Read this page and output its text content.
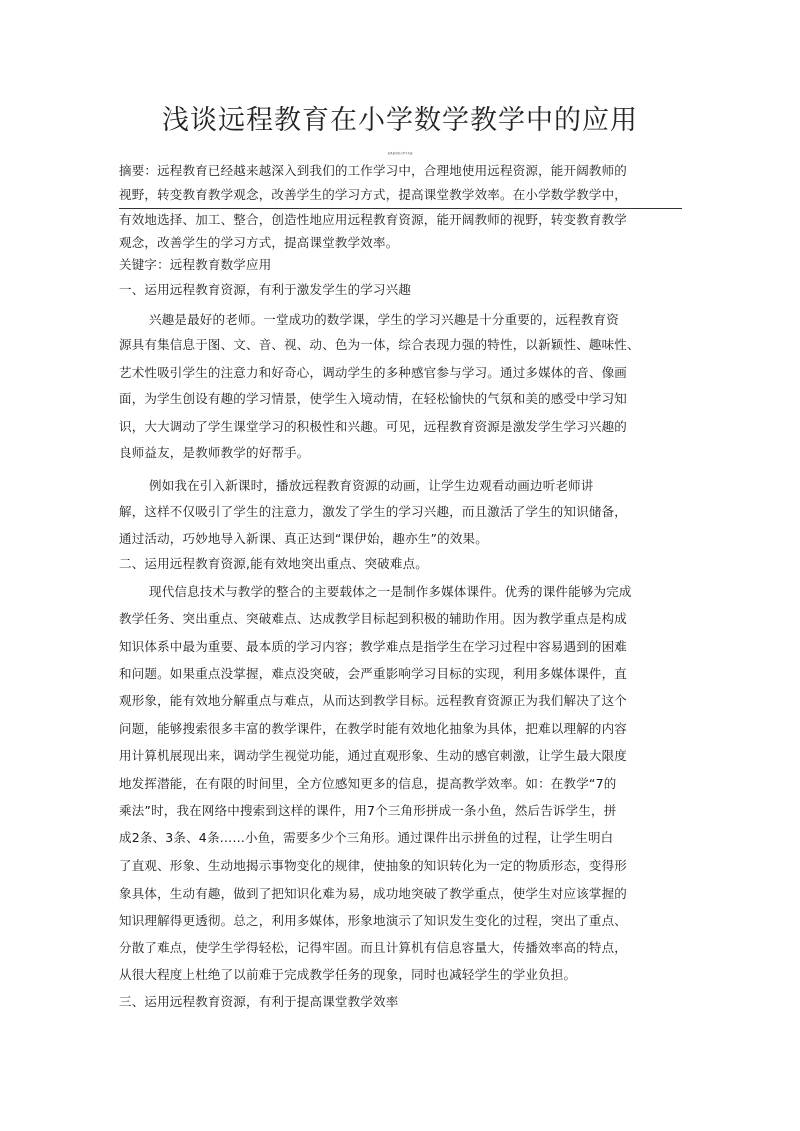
浅谈远程教育在小学数学教学中的应用
来凤县实验小学王兆成
摘要：远程教育已经越来越深入到我们的工作学习中，合理地使用远程资源，能开阔教师的
视野，转变教育教学观念，改善学生的学习方式，提高课堂教学效率。在小学数学教学中，
有效地选择、加工、整合，创造性地应用远程教育资源，能开阔教师的视野，转变教育教学
观念，改善学生的学习方式，提高课堂教学效率。
关键字：远程教育数学应用
一、运用远程教育资源，有利于激发学生的学习兴趣
兴趣是最好的老师。一堂成功的数学课，学生的学习兴趣是十分重要的，远程教育资
源具有集信息于图、文、音、视、动、色为一体，综合表现力强的特性，以新颖性、趣味性、
艺术性吸引学生的注意力和好奇心，调动学生的多种感官参与学习。通过多媒体的音、像画
面，为学生创设有趣的学习情景，使学生入境动情，在轻松愉快的气氛和美的感受中学习知
识，大大调动了学生课堂学习的积极性和兴趣。可见，远程教育资源是激发学生学习兴趣的
良师益友，是教师教学的好帮手。
例如我在引入新课时，播放远程教育资源的动画，让学生边观看动画边听老师讲
解，这样不仅吸引了学生的注意力，激发了学生的学习兴趣，而且激活了学生的知识储备，
通过活动，巧妙地导入新课、真正达到“课伊始，趣亦生”的效果。
二、运用远程教育资源,能有效地突出重点、突破难点。
现代信息技术与教学的整合的主要载体之一是制作多媒体课件。优秀的课件能够为完成
教学任务、突出重点、突破难点、达成教学目标起到积极的辅助作用。因为教学重点是构成
知识体系中最为重要、最本质的学习内容；教学难点是指学生在学习过程中容易遇到的困难
和问题。如果重点没掌握，难点没突破，会严重影响学习目标的实现，利用多媒体课件，直
观形象，能有效地分解重点与难点，从而达到教学目标。远程教育资源正为我们解决了这个
问题，能够搜索很多丰富的教学课件，在教学时能有效地化抽象为具体，把难以理解的内容
用计算机展现出来，调动学生视觉功能，通过直观形象、生动的感官刺激，让学生最大限度
地发挥潜能，在有限的时间里，全方位感知更多的信息，提高教学效率。如：在教学“7的
乘法”时，我在网络中搜索到这样的课件，用7个三角形拼成一条小鱼，然后告诉学生，拼
成2条、3条、4条……小鱼，需要多少个三角形。通过课件出示拼鱼的过程，让学生明白
了直观、形象、生动地揭示事物变化的规律，使抽象的知识转化为一定的物质形态，变得形
象具体，生动有趣，做到了把知识化难为易，成功地突破了教学重点，使学生对应该掌握的
知识理解得更透彻。总之，利用多媒体，形象地演示了知识发生变化的过程，突出了重点、
分散了难点，使学生学得轻松，记得牢固。而且计算机有信息容量大，传播效率高的特点，
从很大程度上杜绝了以前难于完成教学任务的现象，同时也减轻学生的学业负担。
三、运用远程教育资源，有利于提高课堂教学效率
